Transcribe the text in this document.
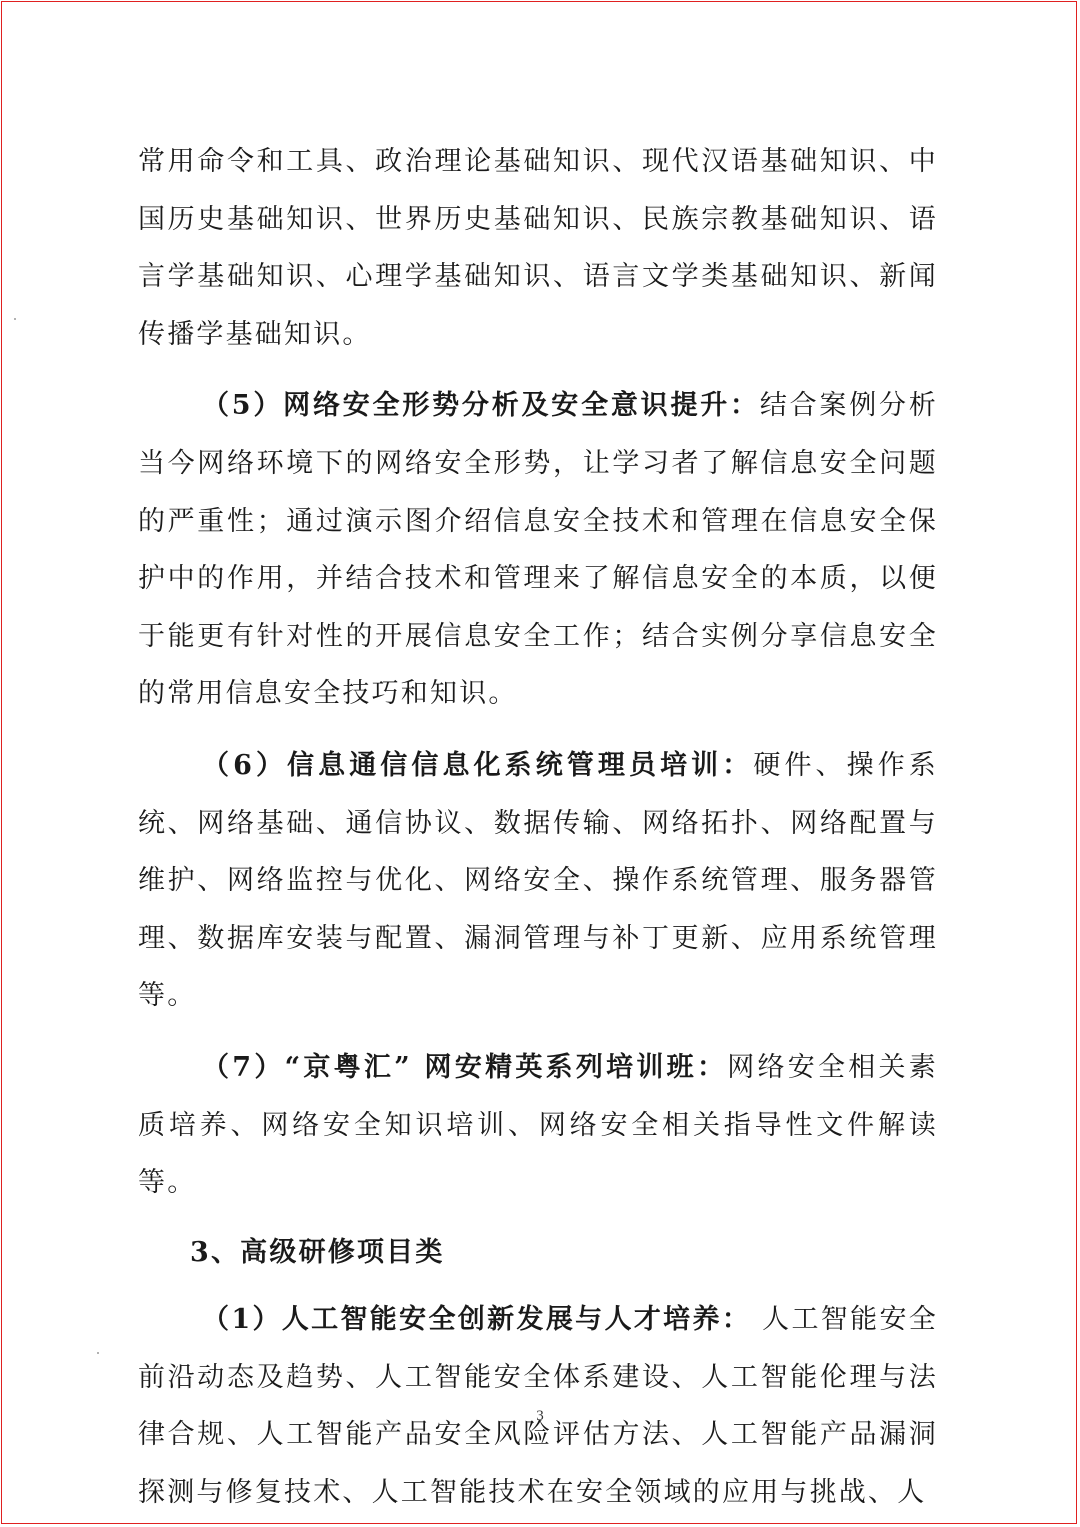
常用命令和工具、政治理论基础知识、现代汉语基础知识、中国历史基础知识、世界历史基础知识、民族宗教基础知识、语言学基础知识、心理学基础知识、语言文学类基础知识、新闻传播学基础知识。

（5）网络安全形势分析及安全意识提升：结合案例分析当今网络环境下的网络安全形势，让学习者了解信息安全问题的严重性；通过演示图介绍信息安全技术和管理在信息安全保护中的作用，并结合技术和管理来了解信息安全的本质，以便于能更有针对性的开展信息安全工作；结合实例分享信息安全的常用信息安全技巧和知识。

（6）信息通信信息化系统管理员培训：硬件、操作系统、网络基础、通信协议、数据传输、网络拓扑、网络配置与维护、网络监控与优化、网络安全、操作系统管理、服务器管理、数据库安装与配置、漏洞管理与补丁更新、应用系统管理等。

（7）“京粤汇” 网安精英系列培训班：网络安全相关素质培养、网络安全知识培训、网络安全相关指导性文件解读等。

3、高级研修项目类

（1）人工智能安全创新发展与人才培养： 人工智能安全前沿动态及趋势、人工智能安全体系建设、人工智能伦理与法律合规、人工智能产品安全风险评估方法、人工智能产品漏洞探测与修复技术、人工智能技术在安全领域的应用与挑战、人

3
